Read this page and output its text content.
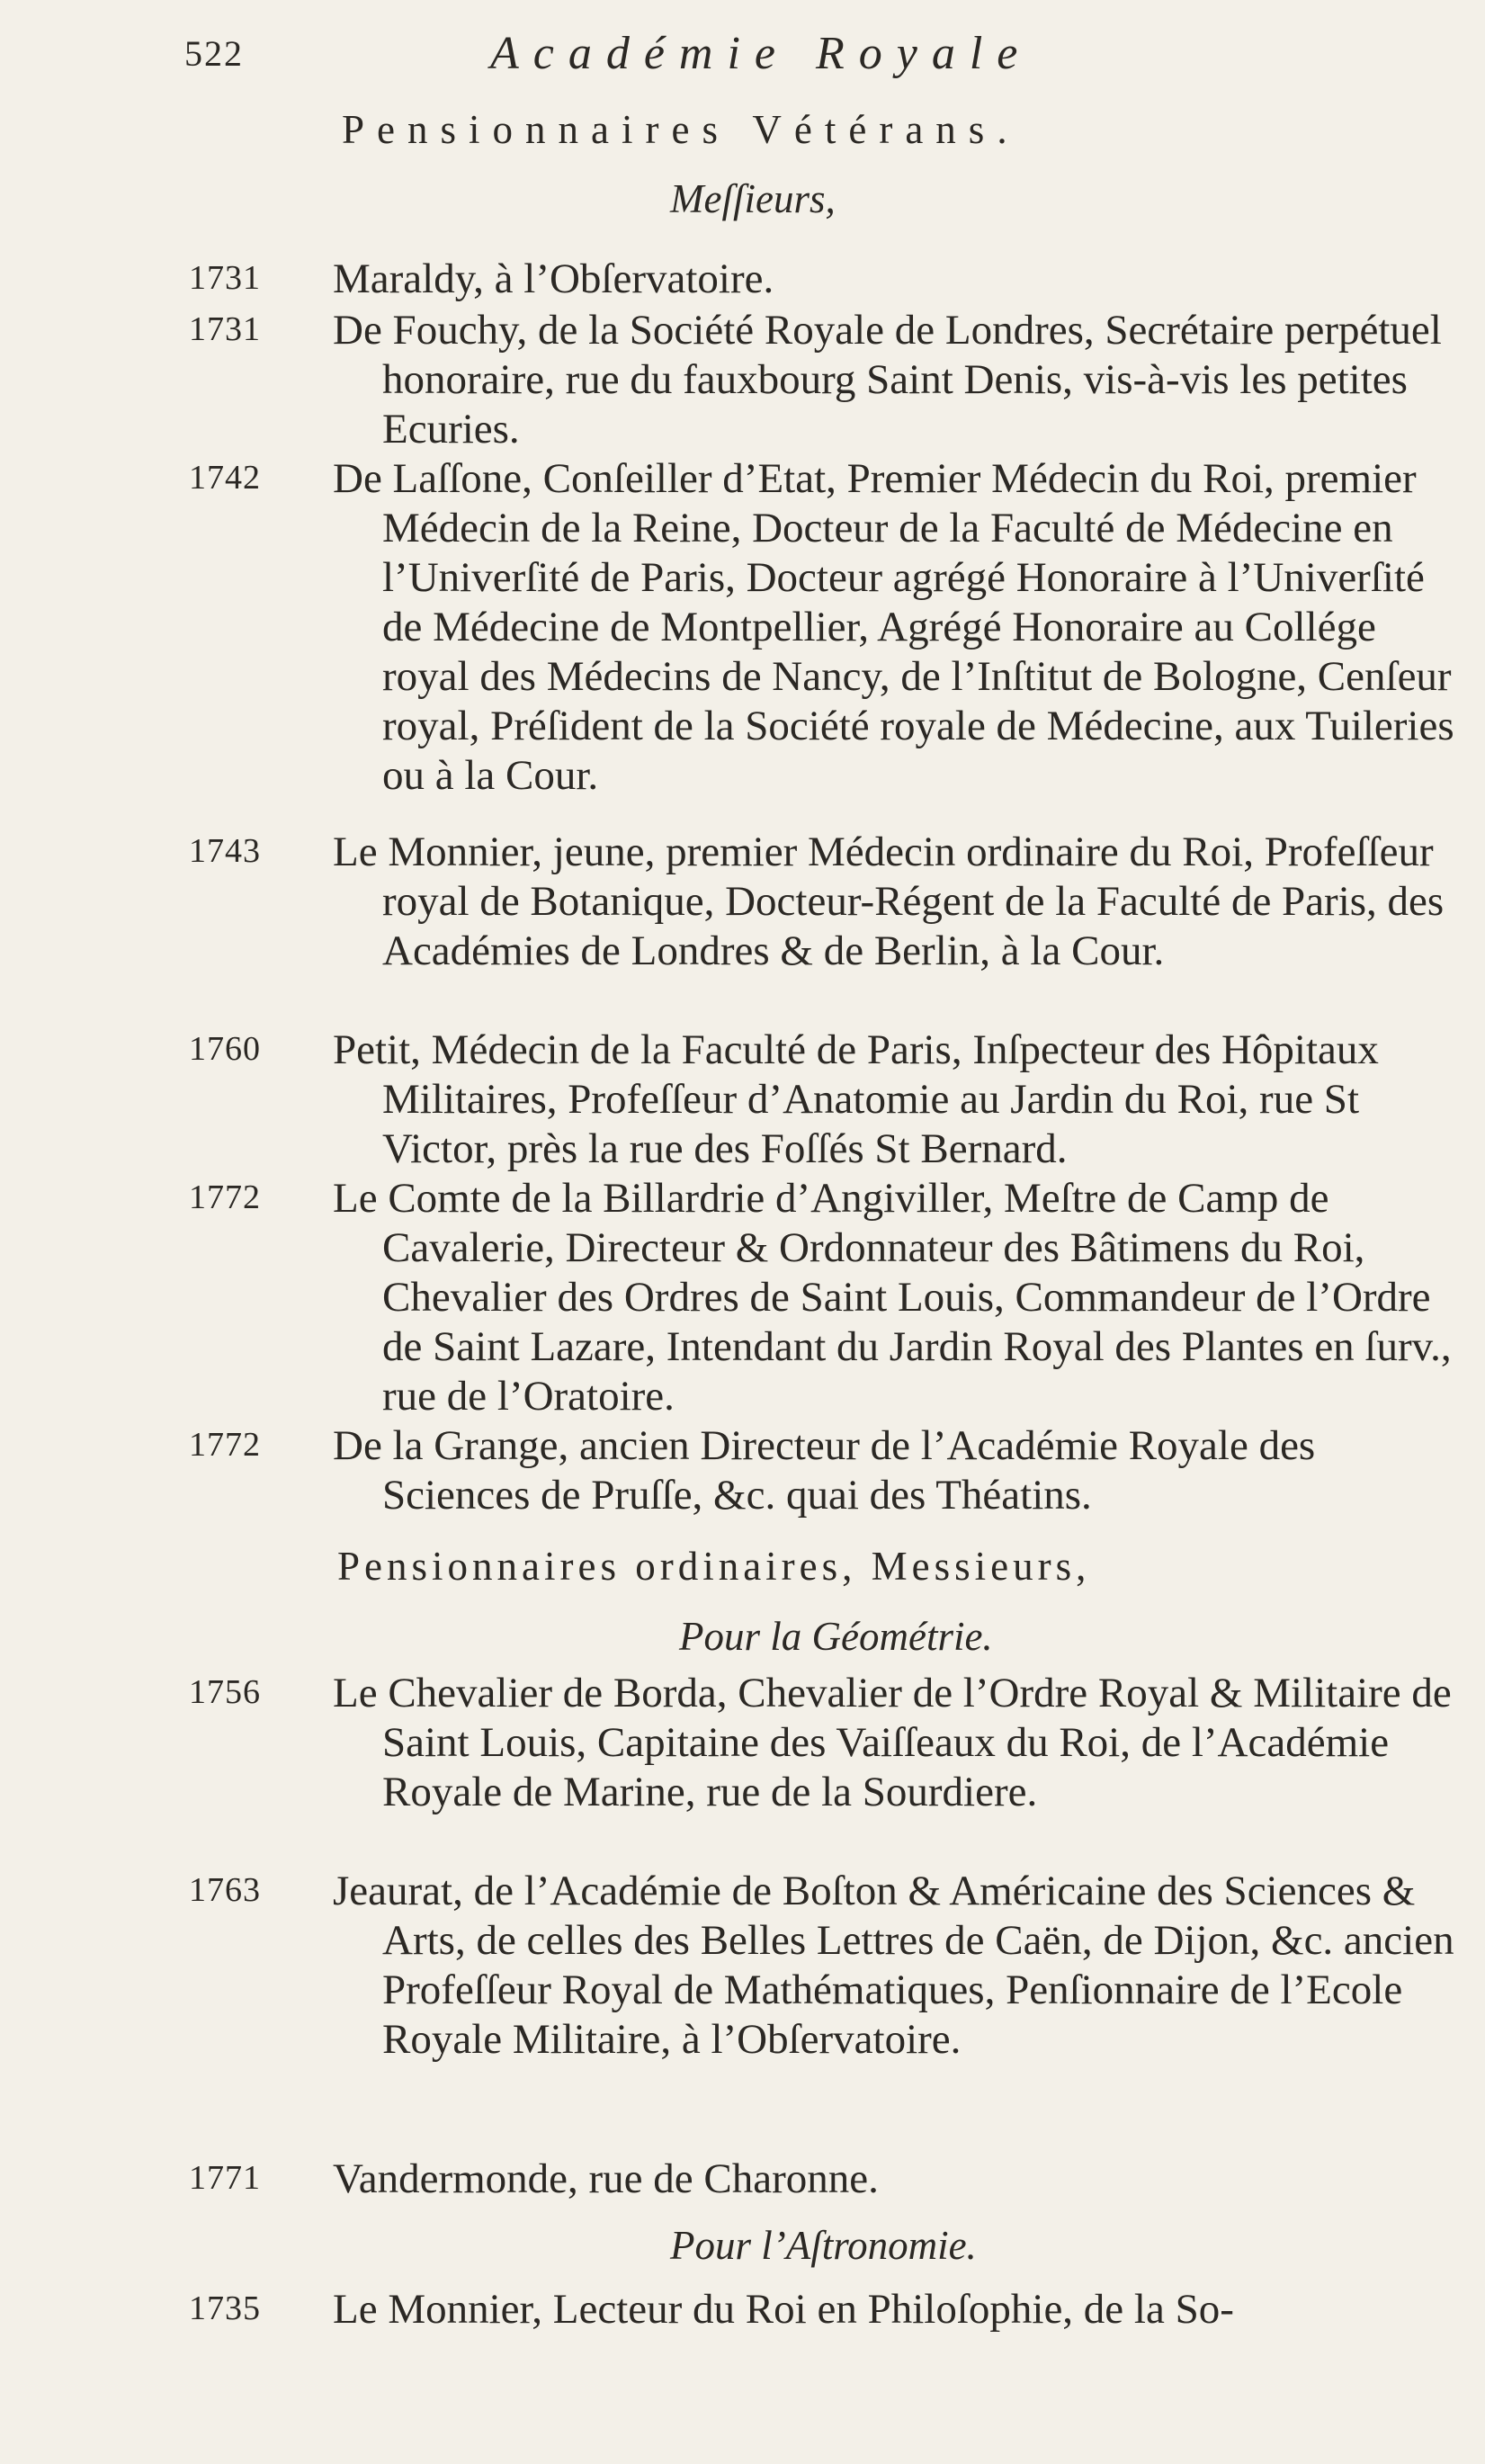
522	Académie Royale
Pensionnaires Vétérans.
Meſſieurs,
1731	Maraldy, à l’Obſervatoire.

1731	De Fouchy, de la Société Royale de Londres, Secrétaire perpétuel honoraire, rue du fauxbourg Saint Denis, vis-à-vis les petites Ecuries.

1742	De Laſſone, Conſeiller d’Etat, Premier Médecin du Roi, premier Médecin de la Reine, Docteur de la Faculté de Médecine en l’Univerſité de Paris, Docteur agrégé Honoraire à l’Univerſité de Médecine de Montpellier, Agrégé Honoraire au Collége royal des Médecins de Nancy, de l’Inſtitut de Bologne, Cenſeur royal, Préſident de la Société royale de Médecine, aux Tuileries ou à la Cour.

1743	Le Monnier, jeune, premier Médecin ordinaire du Roi, Profeſſeur royal de Botanique, Docteur-Régent de la Faculté de Paris, des Académies de Londres & de Berlin, à la Cour.

1760	Petit, Médecin de la Faculté de Paris, Inſpecteur des Hôpitaux Militaires, Profeſſeur d’Anatomie au Jardin du Roi, rue St Victor, près la rue des Foſſés St Bernard.

1772	Le Comte de la Billardrie d’Angiviller, Meſtre de Camp de Cavalerie, Directeur & Ordonnateur des Bâtimens du Roi, Chevalier des Ordres de Saint Louis, Commandeur de l’Ordre de Saint Lazare, Intendant du Jardin Royal des Plantes en ſurv., rue de l’Oratoire.

1772	De la Grange, ancien Directeur de l’Académie Royale des Sciences de Pruſſe, &c. quai des Théatins.

Pensionnaires ordinaires, Messieurs,
Pour la Géométrie.
1756	Le Chevalier de Borda, Chevalier de l’Ordre Royal & Militaire de Saint Louis, Capitaine des Vaiſſeaux du Roi, de l’Académie Royale de Marine, rue de la Sourdiere.

1763	Jeaurat, de l’Académie de Boſton & Américaine des Sciences & Arts, de celles des Belles Lettres de Caën, de Dijon, &c. ancien Profeſſeur Royal de Mathématiques, Penſionnaire de l’Ecole Royale Militaire, à l’Obſervatoire.

1771	Vandermonde, rue de Charonne.

Pour l’Aſtronomie.
1735	Le Monnier, Lecteur du Roi en Philoſophie, de la So-
